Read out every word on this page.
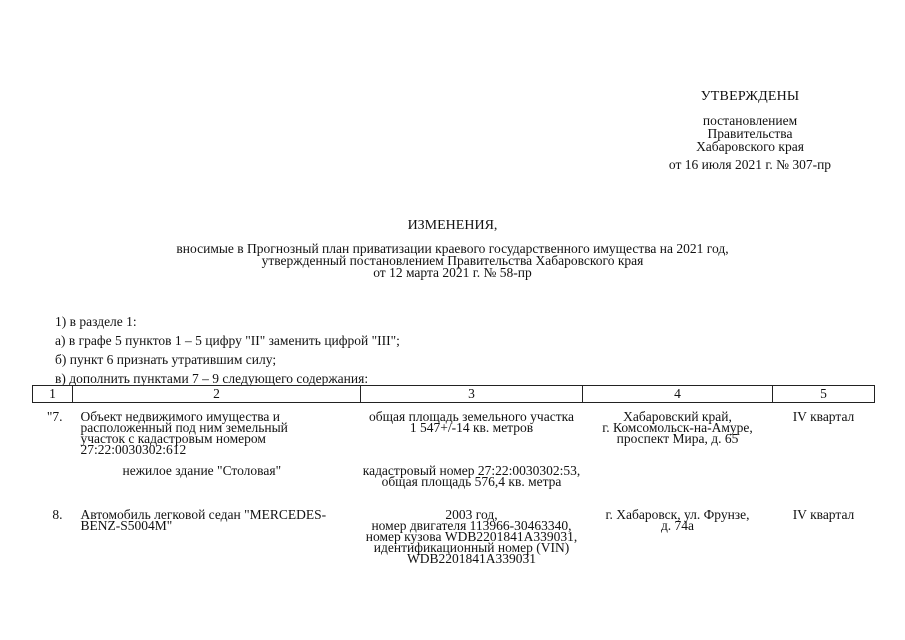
УТВЕРЖДЕНЫ
постановлением
Правительства
Хабаровского края
от 16 июля 2021 г. № 307-пр
ИЗМЕНЕНИЯ,
вносимые в Прогнозный план приватизации краевого государственного имущества на 2021 год,
утвержденный постановлением Правительства Хабаровского края
от 12 марта 2021 г. № 58-пр
1) в разделе 1:
а) в графе 5 пунктов 1 – 5 цифру "II" заменить цифрой "III";
б) пункт 6 признать утратившим силу;
в) дополнить пунктами 7 – 9 следующего содержания:
1	2	3	4	5
"7.	Объект недвижимого имущества и
расположенный под ним земельный
участок с кадастровым номером
27:22:0030302:612	общая площадь земельного участка
1 547+/-14 кв. метров	Хабаровский край,
г. Комсомольск-на-Амуре,
проспект Мира, д. 65	IV квартал
	нежилое здание "Столовая"	кадастровый номер 27:22:0030302:53,
общая площадь 576,4 кв. метра		
8.	Автомобиль легковой седан "MERCEDES-
BENZ-S5004M"	2003 год,
номер двигателя 113966-30463340,
номер кузова WDB2201841A339031,
идентификационный номер (VIN)
WDB2201841A339031	г. Хабаровск, ул. Фрунзе,
д. 74а	IV квартал
